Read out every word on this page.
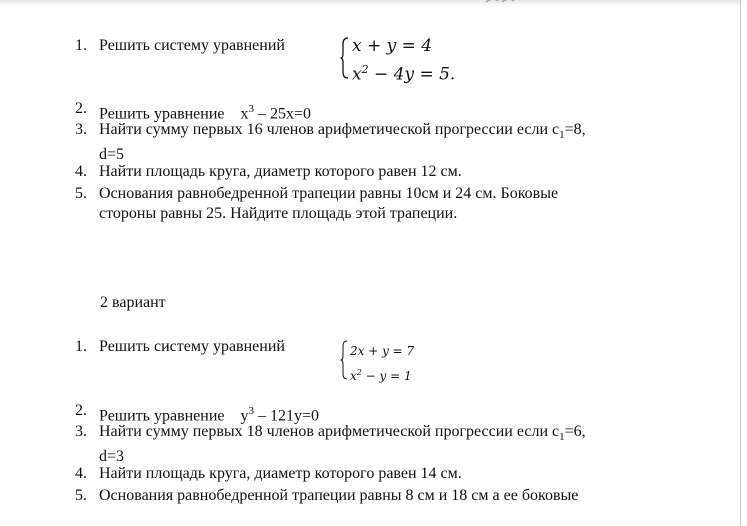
1. Решить систему уравнений	x + y = 4
$x^2 - 4y = 5$.
2. Решить уравнение $x^3 - 25x=0$
3. Найти сумму первых 16 членов арифметической прогрессии если $с_1=8$,
d=5
4. Найти площадь круга, диаметр которого равен 12 см.
5. Основания равнобедренной трапеции равны 10см и 24 см. Боковые
стороны равны 25. Найдите площадь этой трапеции.
2 вариант
1. Решить систему уравнений	2x + y = 7
$x^2 - y = 1$
2. Решить уравнение $y^3 - 121y=0$
3. Найти сумму первых 18 членов арифметической прогрессии если $с_1=6$,
d=3
4. Найти площадь круга, диаметр которого равен 14 см.
5. Основания равнобедренной трапеции равны 8 см и 18 см а ее боковые
